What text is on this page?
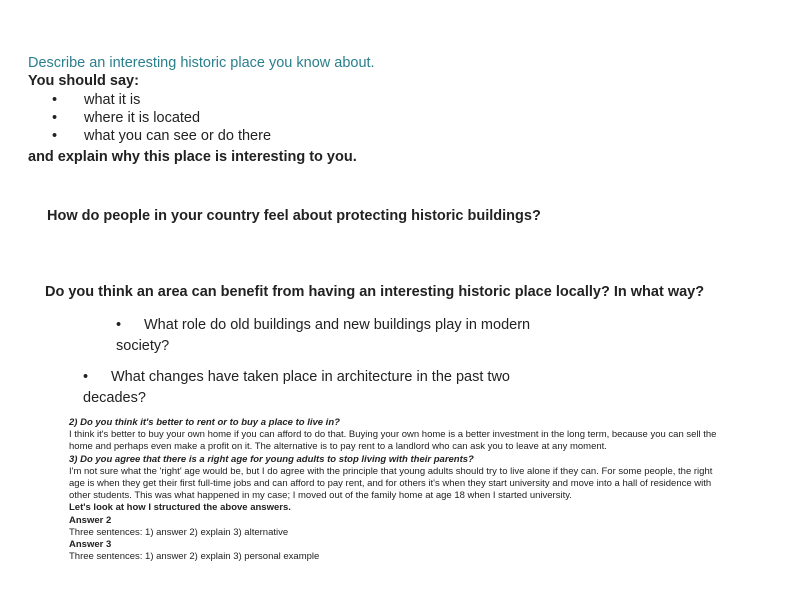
Describe an interesting historic place you know about.
You should say:
• what it is
• where it is located
• what you can see or do there
and explain why this place is interesting to you.
How do people in your country feel about protecting historic buildings?
Do you think an area can benefit from having an interesting historic place locally? In what way?
• What role do old buildings and new buildings play in modern society?
• What changes have taken place in architecture in the past two decades?

2) Do you think it's better to rent or to buy a place to live in?

I think it's better to buy your own home if you can afford to do that. Buying your own home is a better investment in the long term, because you can sell the home and perhaps even make a profit on it. The alternative is to pay rent to a landlord who can ask you to leave at any moment.

3) Do you agree that there is a right age for young adults to stop living with their parents?

I'm not sure what the 'right' age would be, but I do agree with the principle that young adults should try to live alone if they can. For some people, the right age is when they get their first full-time jobs and can afford to pay rent, and for others it's when they start university and move into a hall of residence with other students. This was what happened in my case; I moved out of the family home at age 18 when I started university.

Let's look at how I structured the above answers.

Answer 2

Three sentences: 1) answer 2) explain 3) alternative

Answer 3

Three sentences: 1) answer 2) explain 3) personal example
